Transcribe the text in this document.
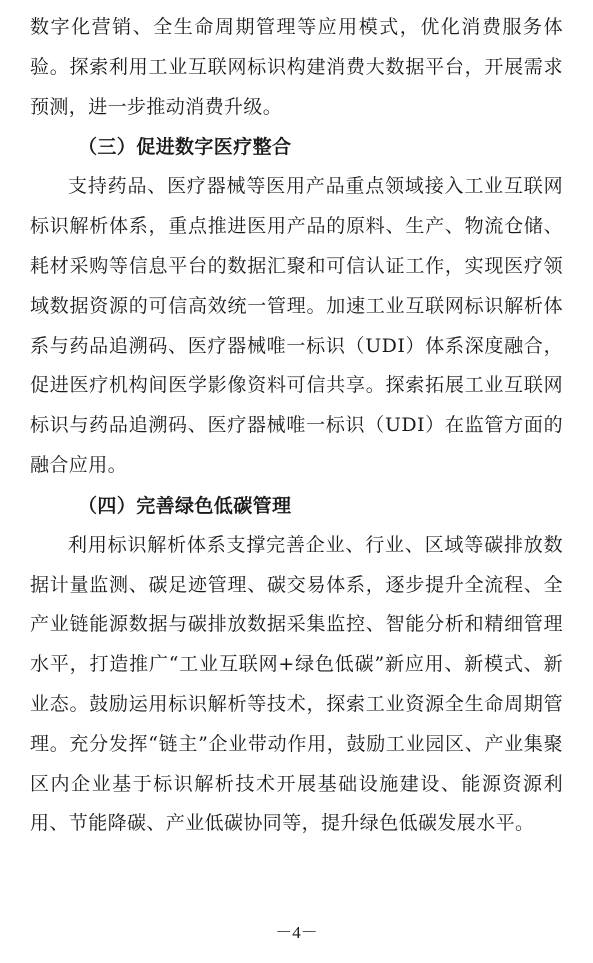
数字化营销、全生命周期管理等应用模式，优化消费服务体验。探索利用工业互联网标识构建消费大数据平台，开展需求预测，进一步推动消费升级。

（三）促进数字医疗整合

支持药品、医疗器械等医用产品重点领域接入工业互联网标识解析体系，重点推进医用产品的原料、生产、物流仓储、耗材采购等信息平台的数据汇聚和可信认证工作，实现医疗领域数据资源的可信高效统一管理。加速工业互联网标识解析体系与药品追溯码、医疗器械唯一标识（UDI）体系深度融合，促进医疗机构间医学影像资料可信共享。探索拓展工业互联网标识与药品追溯码、医疗器械唯一标识（UDI）在监管方面的融合应用。

（四）完善绿色低碳管理

利用标识解析体系支撑完善企业、行业、区域等碳排放数据计量监测、碳足迹管理、碳交易体系，逐步提升全流程、全产业链能源数据与碳排放数据采集监控、智能分析和精细管理水平，打造推广“工业互联网+绿色低碳”新应用、新模式、新业态。鼓励运用标识解析等技术，探索工业资源全生命周期管理。充分发挥“链主”企业带动作用，鼓励工业园区、产业集聚区内企业基于标识解析技术开展基础设施建设、能源资源利用、节能降碳、产业低碳协同等，提升绿色低碳发展水平。

－4－
